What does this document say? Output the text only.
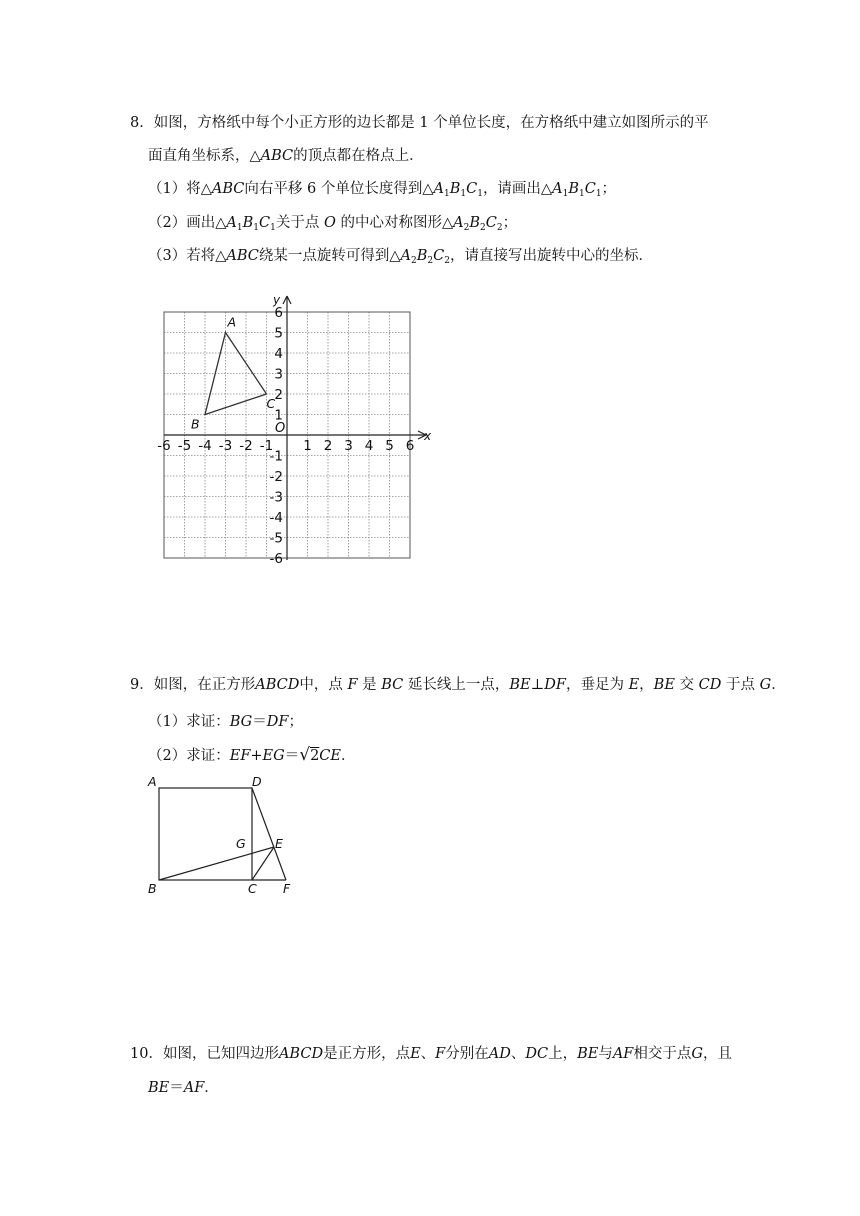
8．如图，方格纸中每个小正方形的边长都是 1 个单位长度，在方格纸中建立如图所示的平
面直角坐标系，△ABC的顶点都在格点上．
（1）将△ABC向右平移 6 个单位长度得到$\triangle A_1B_1C_1$，请画出$\triangle A_1B_1C_1$；
（2）画出$\triangle A_1B_1C_1$关于点 O 的中心对称图形$\triangle A_2B_2C_2$；
（3）若将△ABC绕某一点旋转可得到$\triangle A_2B_2C_2$，请直接写出旋转中心的坐标．
x
y
O
-6 -5 -4 -3 -2 -1 1 2 3 4 5 6
1
2
3
4
5
6
-1
-2
-3
-4
-5
-6
A
B
C
9．如图，在正方形ABCD中，点 F 是 BC 延长线上一点，BE⊥DF，垂足为 E，BE 交 CD 于点 G．
（1）求证：BG＝DF；
（2）求证：EF+EG＝√2CE．
A	D
B	C F
E
G
10．如图，已知四边形ABCD是正方形，点E、F分别在AD、DC上，BE与AF相交于点G，且
BE＝AF．
